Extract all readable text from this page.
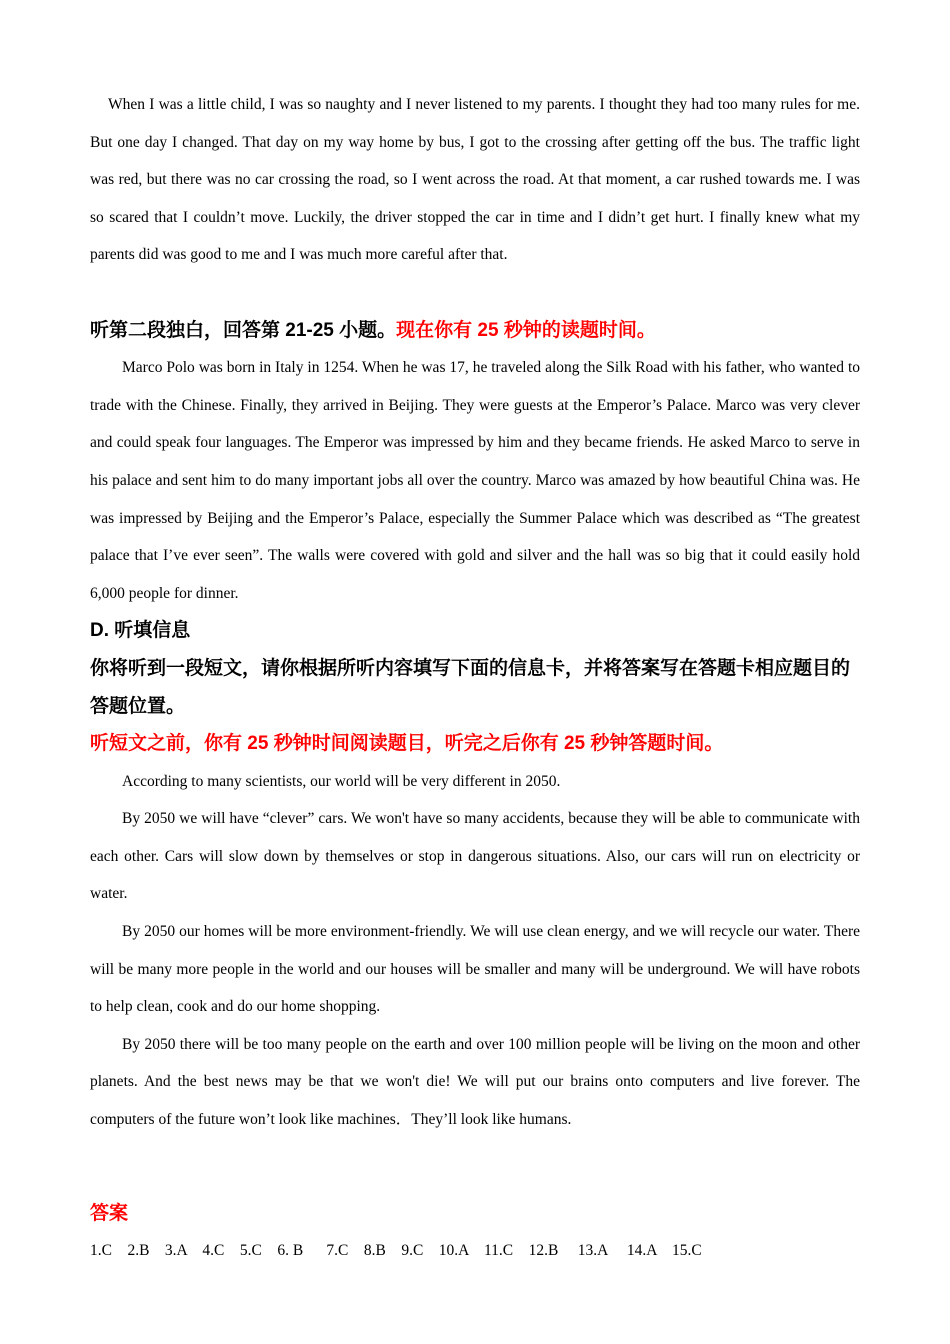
When I was a little child, I was so naughty and I never listened to my parents. I thought they had too many rules for me. But one day I changed. That day on my way home by bus, I got to the crossing after getting off the bus. The traffic light was red, but there was no car crossing the road, so I went across the road. At that moment, a car rushed towards me. I was so scared that I couldn’t move. Luckily, the driver stopped the car in time and I didn’t get hurt. I finally knew what my parents did was good to me and I was much more careful after that.

听第二段独白，回答第 21-25 小题。现在你有 25 秒钟的读题时间。

Marco Polo was born in Italy in 1254. When he was 17, he traveled along the Silk Road with his father, who wanted to trade with the Chinese. Finally, they arrived in Beijing. They were guests at the Emperor’s Palace. Marco was very clever and could speak four languages. The Emperor was impressed by him and they became friends. He asked Marco to serve in his palace and sent him to do many important jobs all over the country. Marco was amazed by how beautiful China was. He was impressed by Beijing and the Emperor’s Palace, especially the Summer Palace which was described as “The greatest palace that I’ve ever seen”. The walls were covered with gold and silver and the hall was so big that it could easily hold 6,000 people for dinner.

D. 听填信息

你将听到一段短文，请你根据所听内容填写下面的信息卡，并将答案写在答题卡相应题目的答题位置。

听短文之前，你有 25 秒钟时间阅读题目，听完之后你有 25 秒钟答题时间。

According to many scientists, our world will be very different in 2050.

By 2050 we will have “clever” cars. We won't have so many accidents, because they will be able to communicate with each other. Cars will slow down by themselves or stop in dangerous situations. Also, our cars will run on electricity or water.

By 2050 our homes will be more environment-friendly. We will use clean energy, and we will recycle our water. There will be many more people in the world and our houses will be smaller and many will be underground. We will have robots to help clean, cook and do our home shopping.

By 2050 there will be too many people on the earth and over 100 million people will be living on the moon and other planets. And the best news may be that we won't die! We will put our brains onto computers and live forever. The computers of the future won’t look like machines．They’ll look like humans.

答案

1.C    2.B    3.A    4.C    5.C    6. B      7.C    8.B    9.C    10.A    11.C    12.B     13.A     14.A    15.C
